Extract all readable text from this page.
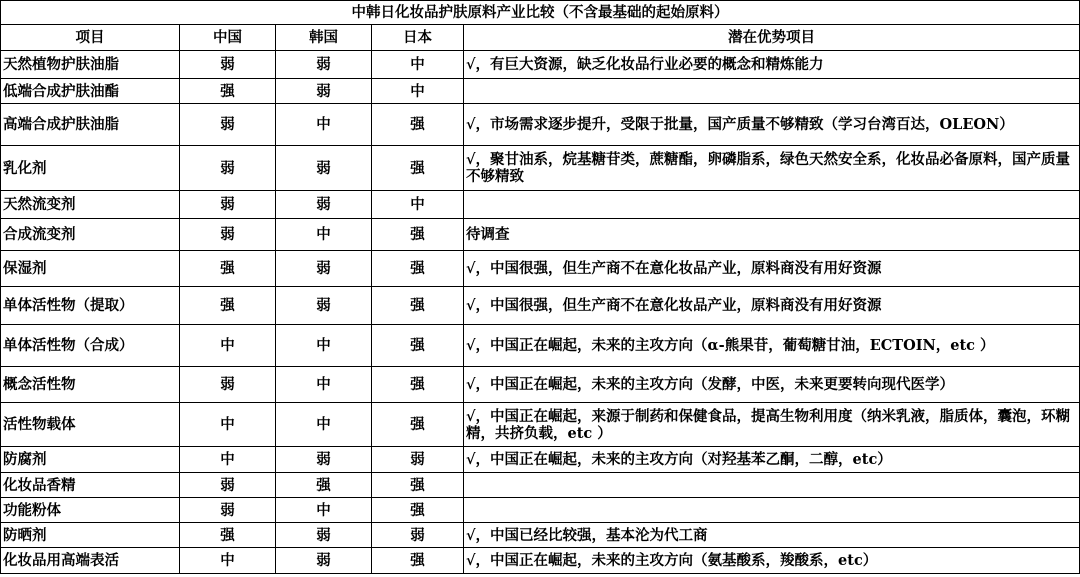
中韩日化妆品护肤原料产业比较（不含最基础的起始原料）				
项目	中国	韩国	日本	潜在优势项目
天然植物护肤油脂	弱	弱	中	√，有巨大资源，缺乏化妆品行业必要的概念和精炼能力
低端合成护肤油酯	强	弱	中	
高端合成护肤油脂	弱	中	强	√，市场需求逐步提升，受限于批量，国产质量不够精致（学习台湾百达，OLEON）
乳化剂	弱	弱	强	√，聚甘油系，烷基糖苷类，蔗糖酯，卵磷脂系，绿色天然安全系，化妆品必备原料，国产质量不够精致
天然流变剂	弱	弱	中	
合成流变剂	弱	中	强	待调查
保湿剂	强	弱	强	√，中国很强，但生产商不在意化妆品产业，原料商没有用好资源
单体活性物（提取）	强	弱	强	√，中国很强，但生产商不在意化妆品产业，原料商没有用好资源
单体活性物（合成）	中	中	强	√，中国正在崛起，未来的主攻方向（α-熊果苷，葡萄糖甘油，ECTOIN，etc ）
概念活性物	弱	中	强	√，中国正在崛起，未来的主攻方向（发酵，中医，未来更要转向现代医学）
活性物载体	中	中	强	√，中国正在崛起，来源于制药和保健食品，提高生物利用度（纳米乳液，脂质体，囊泡，环糊精，共挤负载，etc ）
防腐剂	中	弱	弱	√，中国正在崛起，未来的主攻方向（对羟基苯乙酮，二醇，etc）
化妆品香精	弱	强	强	
功能粉体	弱	中	强	
防晒剂	强	弱	弱	√，中国已经比较强，基本沦为代工商
化妆品用高端表活	中	弱	强	√，中国正在崛起，未来的主攻方向（氨基酸系，羧酸系，etc）
